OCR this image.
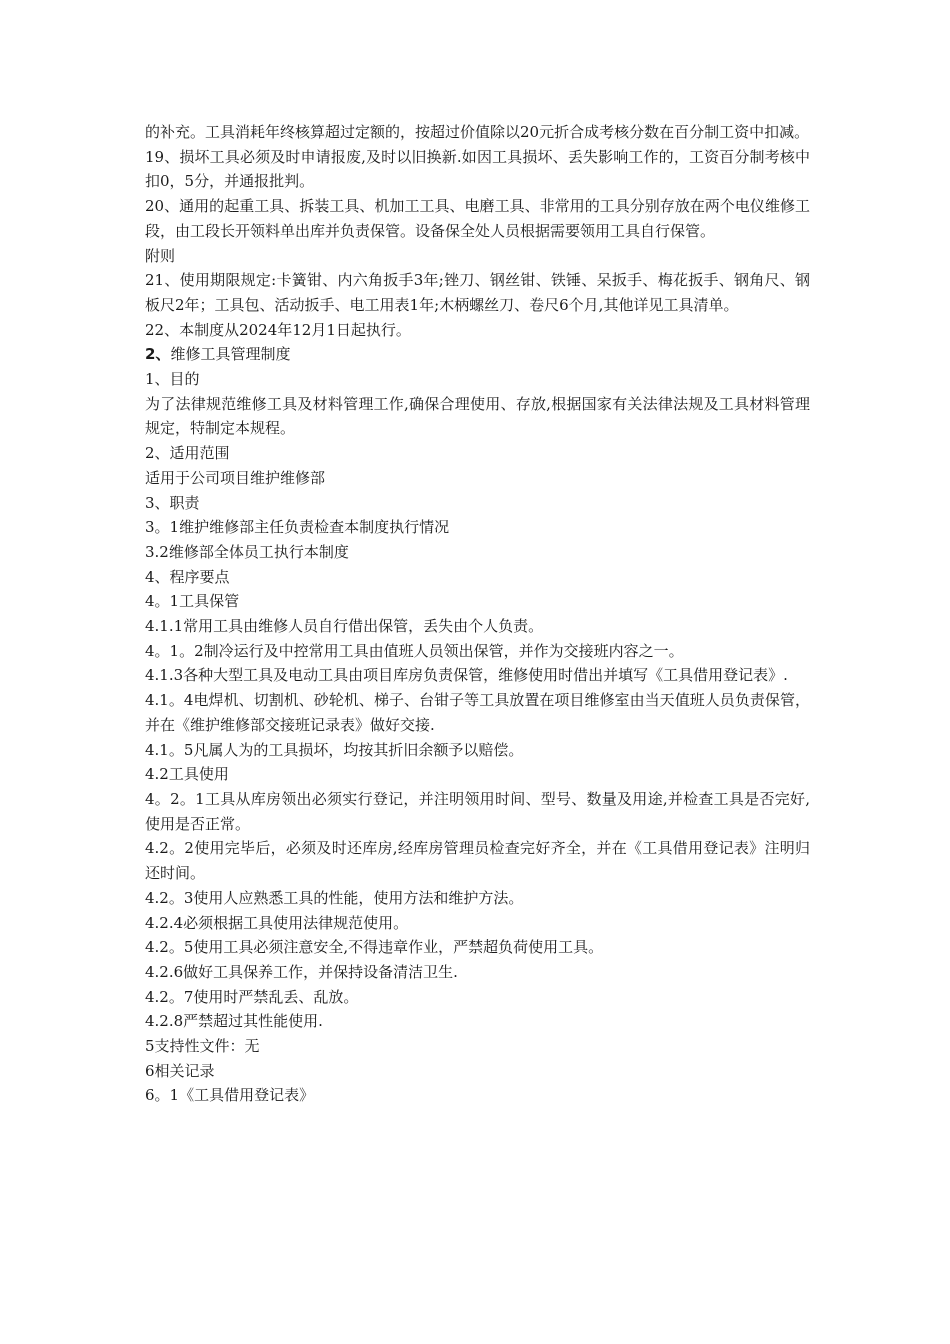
的补充。工具消耗年终核算超过定额的，按超过价值除以20元折合成考核分数在百分制工资中扣减。

19、损坏工具必须及时申请报废,及时以旧换新.如因工具损坏、丢失影响工作的，工资百分制考核中扣0，5分，并通报批判。

20、通用的起重工具、拆装工具、机加工工具、电磨工具、非常用的工具分别存放在两个电仪维修工段，由工段长开领料单出库并负责保管。设备保全处人员根据需要领用工具自行保管。

附则

21、使用期限规定:卡簧钳、内六角扳手3年;锉刀、钢丝钳、铁锤、呆扳手、梅花扳手、钢角尺、钢板尺2年；工具包、活动扳手、电工用表1年;木柄螺丝刀、卷尺6个月,其他详见工具清单。

22、本制度从2024年12月1日起执行。

2、维修工具管理制度

1、目的

为了法律规范维修工具及材料管理工作,确保合理使用、存放,根据国家有关法律法规及工具材料管理规定，特制定本规程。

2、适用范围

适用于公司项目维护维修部

3、职责

3。1维护维修部主任负责检查本制度执行情况

3.2维修部全体员工执行本制度

4、程序要点

4。1工具保管

4.1.1常用工具由维修人员自行借出保管，丢失由个人负责。

4。1。2制冷运行及中控常用工具由值班人员领出保管，并作为交接班内容之一。

4.1.3各种大型工具及电动工具由项目库房负责保管，维修使用时借出并填写《工具借用登记表》.

4.1。4电焊机、切割机、砂轮机、梯子、台钳子等工具放置在项目维修室由当天值班人员负责保管，并在《维护维修部交接班记录表》做好交接.

4.1。5凡属人为的工具损坏，均按其折旧余额予以赔偿。

4.2工具使用

4。2。1工具从库房领出必须实行登记，并注明领用时间、型号、数量及用途,并检查工具是否完好,使用是否正常。

4.2。2使用完毕后，必须及时还库房,经库房管理员检查完好齐全，并在《工具借用登记表》注明归还时间。

4.2。3使用人应熟悉工具的性能，使用方法和维护方法。

4.2.4必须根据工具使用法律规范使用。

4.2。5使用工具必须注意安全,不得违章作业，严禁超负荷使用工具。

4.2.6做好工具保养工作，并保持设备清洁卫生.

4.2。7使用时严禁乱丢、乱放。

4.2.8严禁超过其性能使用.

5支持性文件：无

6相关记录

6。1《工具借用登记表》
